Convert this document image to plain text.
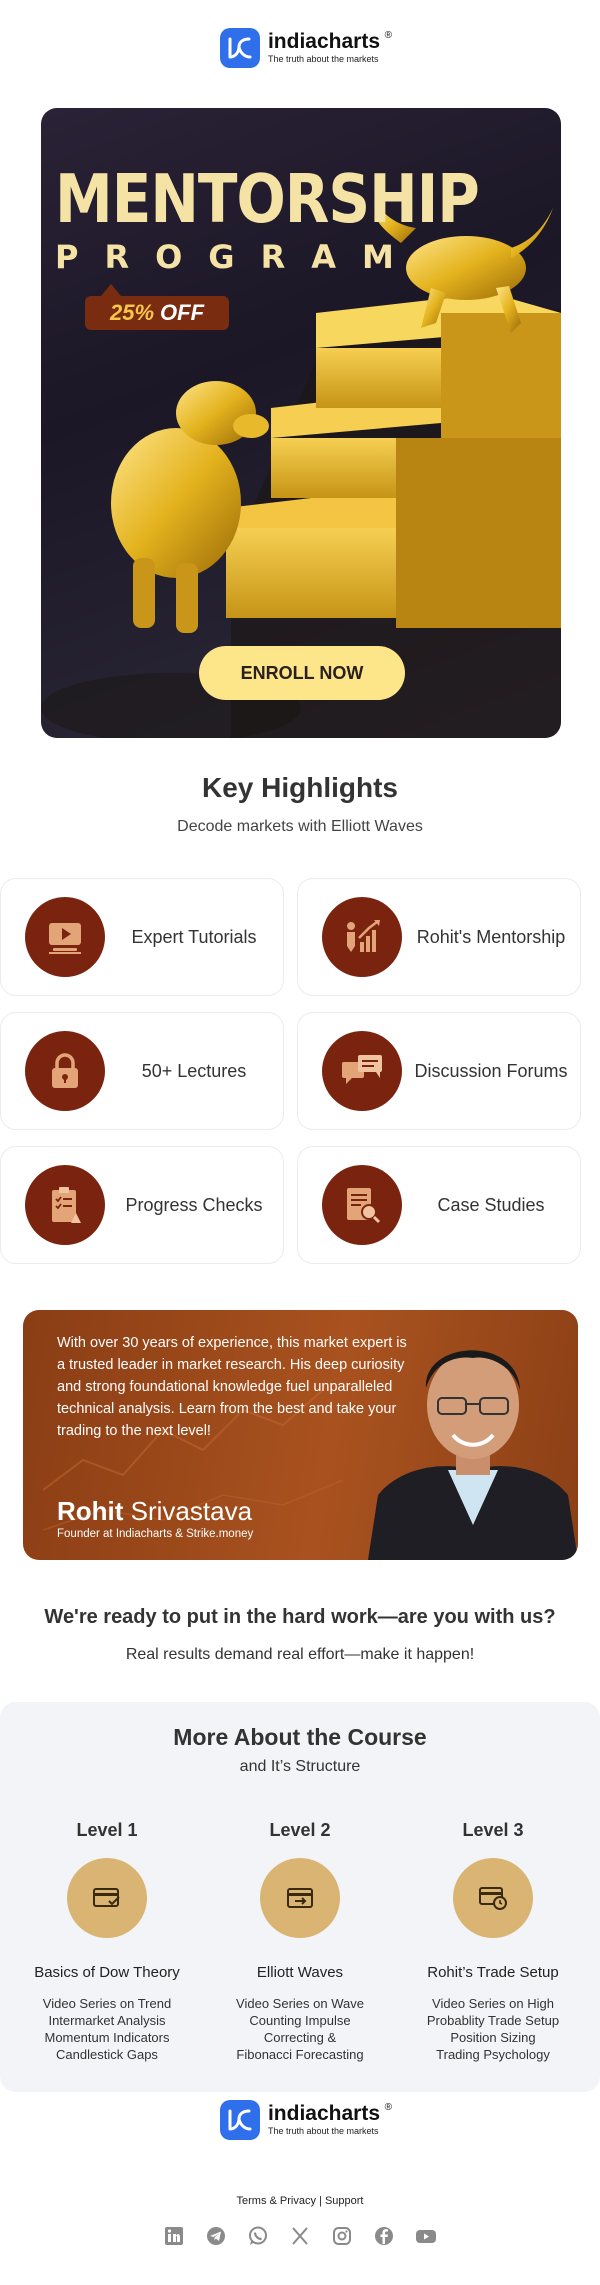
indiacharts ®
The truth about the markets
MENTORSHIP
PROGRAM
25% OFF
ENROLL NOW
Key Highlights
Decode markets with Elliott Waves
Expert Tutorials	Rohit's Mentorship
50+ Lectures	Discussion Forums
Progress Checks	Case Studies
With over 30 years of experience, this market expert is a trusted leader in market research. His deep curiosity and strong foundational knowledge fuel unparalleled technical analysis. Learn from the best and take your trading to the next level!
Rohit Srivastava
Founder at Indiacharts & Strike.money
We're ready to put in the hard work—are you with us?
Real results demand real effort—make it happen!
More About the Course
and It’s Structure
Level 1
Basics of Dow Theory
Video Series on Trend
Intermarket Analysis
Momentum Indicators
Candlestick Gaps
Level 2
Elliott Waves
Video Series on Wave
Counting Impulse
Correcting &
Fibonacci Forecasting
Level 3
Rohit’s Trade Setup
Video Series on High
Probablity Trade Setup
Position Sizing
Trading Psychology
indiacharts ®
The truth about the markets
Terms & Privacy | Support
